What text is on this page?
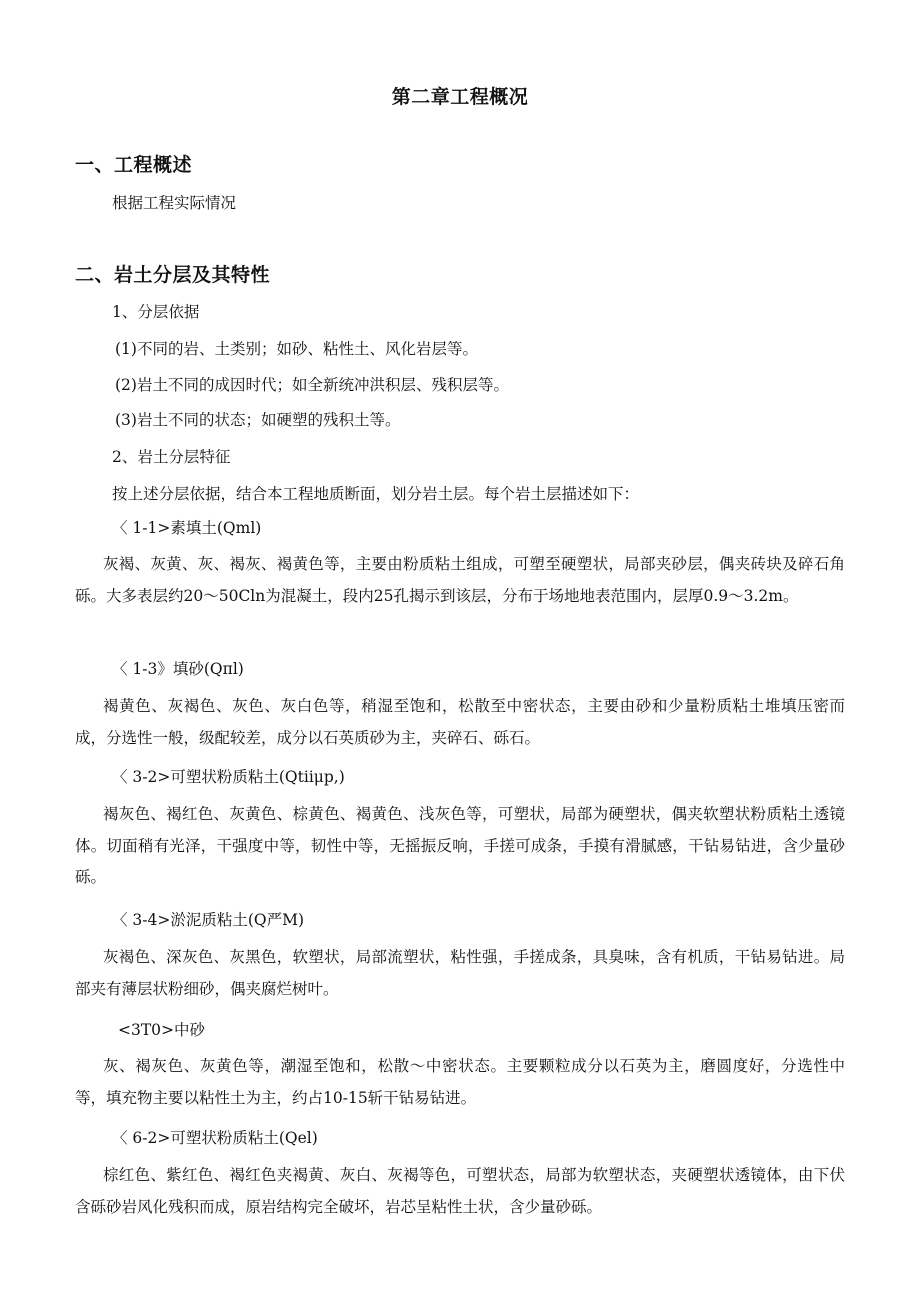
第二章工程概况
一、工程概述
根据工程实际情况
二、岩土分层及其特性
1、分层依据
(1)不同的岩、土类别；如砂、粘性土、风化岩层等。
(2)岩土不同的成因时代；如全新统冲洪积层、残积层等。
(3)岩土不同的状态；如硬塑的残积土等。
2、岩土分层特征
按上述分层依据，结合本工程地质断面，划分岩土层。每个岩土层描述如下：
〈 1-1>素填土(Qml)
灰褐、灰黄、灰、褐灰、褐黄色等，主要由粉质粘土组成，可塑至硬塑状，局部夹砂层，偶夹砖块及碎石角砾。大多表层约20～50Cln为混凝土，段内25孔揭示到该层，分布于场地地表范围内，层厚0.9～3.2m。
〈 1-3》填砂(Qπl)
褐黄色、灰褐色、灰色、灰白色等，稍湿至饱和，松散至中密状态，主要由砂和少量粉质粘土堆填压密而成，分选性一般，级配较差，成分以石英质砂为主，夹碎石、砾石。
〈 3-2>可塑状粉质粘土(Qtiiμp,)
褐灰色、褐红色、灰黄色、棕黄色、褐黄色、浅灰色等，可塑状，局部为硬塑状，偶夹软塑状粉质粘土透镜体。切面稍有光泽，干强度中等，韧性中等，无摇振反响，手搓可成条，手摸有滑腻感，干钻易钻进，含少量砂砾。
〈 3-4>淤泥质粘土(Q严M)
灰褐色、深灰色、灰黑色，软塑状，局部流塑状，粘性强，手搓成条，具臭味，含有机质，干钻易钻进。局部夹有薄层状粉细砂，偶夹腐烂树叶。
<3T0>中砂
灰、褐灰色、灰黄色等，潮湿至饱和，松散～中密状态。主要颗粒成分以石英为主，磨圆度好，分选性中等，填充物主要以粘性土为主，约占10-15斩干钻易钻进。
〈 6-2>可塑状粉质粘土(Qel)
棕红色、紫红色、褐红色夹褐黄、灰白、灰褐等色，可塑状态，局部为软塑状态，夹硬塑状透镜体，由下伏含砾砂岩风化残积而成，原岩结构完全破坏，岩芯呈粘性土状，含少量砂砾。
